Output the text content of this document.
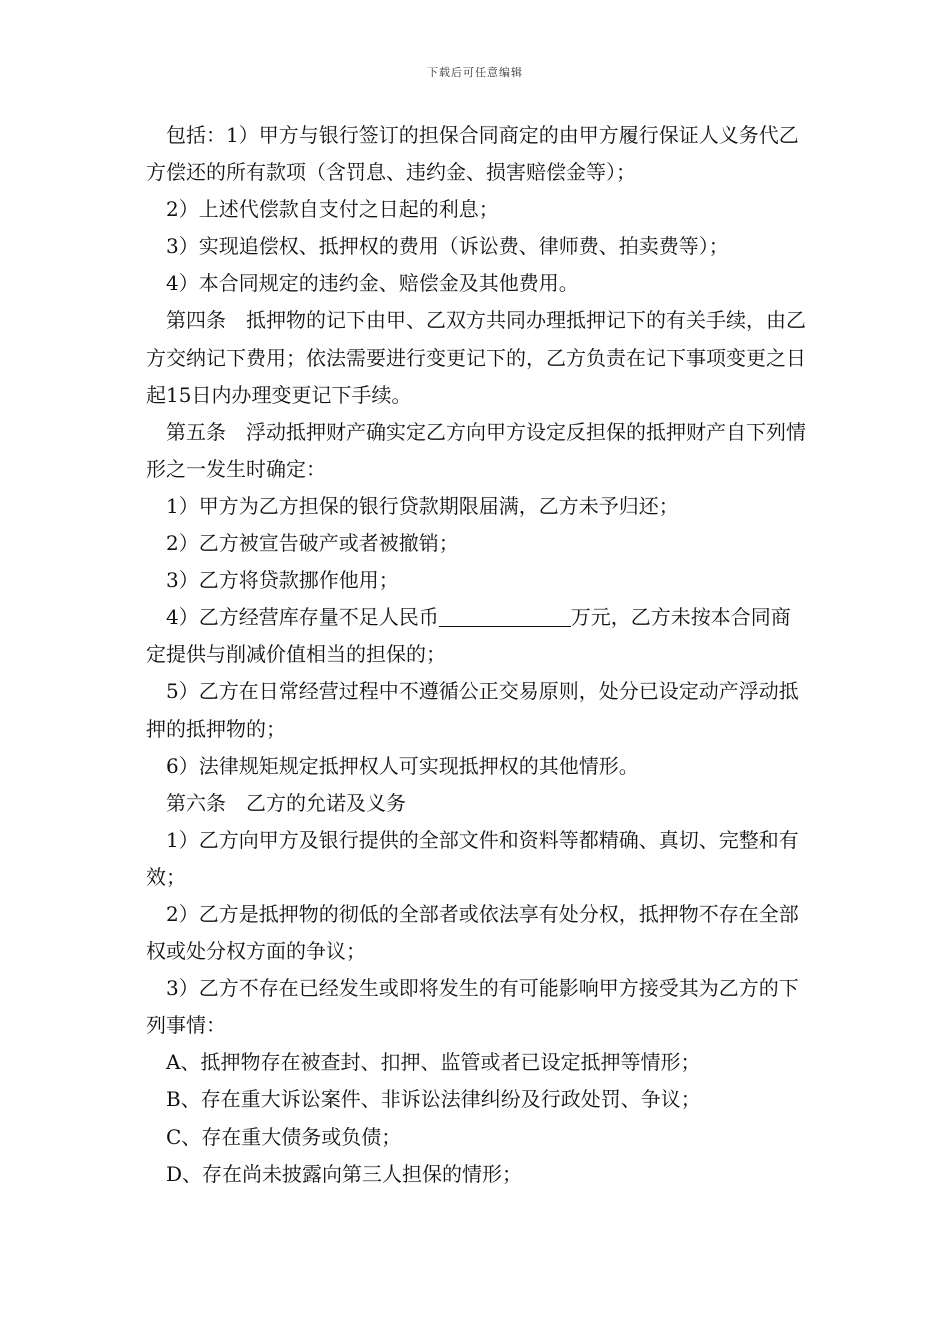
下载后可任意编辑

包括：1）甲方与银行签订的担保合同商定的由甲方履行保证人义务代乙方偿还的所有款项（含罚息、违约金、损害赔偿金等）；

2）上述代偿款自支付之日起的利息；

3）实现追偿权、抵押权的费用（诉讼费、律师费、拍卖费等）；

4）本合同规定的违约金、赔偿金及其他费用。

第四条　抵押物的记下由甲、乙双方共同办理抵押记下的有关手续，由乙方交纳记下费用；依法需要进行变更记下的，乙方负责在记下事项变更之日起15日内办理变更记下手续。

第五条　浮动抵押财产确实定乙方向甲方设定反担保的抵押财产自下列情形之一发生时确定：

1）甲方为乙方担保的银行贷款期限届满，乙方未予归还；

2）乙方被宣告破产或者被撤销；

3）乙方将贷款挪作他用；

4）乙方经营库存量不足人民币	万元，乙方未按本合同商定提供与削减价值相当的担保的；

5）乙方在日常经营过程中不遵循公正交易原则，处分已设定动产浮动抵押的抵押物的；

6）法律规矩规定抵押权人可实现抵押权的其他情形。

第六条　乙方的允诺及义务

1）乙方向甲方及银行提供的全部文件和资料等都精确、真切、完整和有效；

2）乙方是抵押物的彻低的全部者或依法享有处分权，抵押物不存在全部权或处分权方面的争议；

3）乙方不存在已经发生或即将发生的有可能影响甲方接受其为乙方的下列事情：

A、抵押物存在被查封、扣押、监管或者已设定抵押等情形；

B、存在重大诉讼案件、非诉讼法律纠纷及行政处罚、争议；

C、存在重大债务或负债；

D、存在尚未披露向第三人担保的情形；
